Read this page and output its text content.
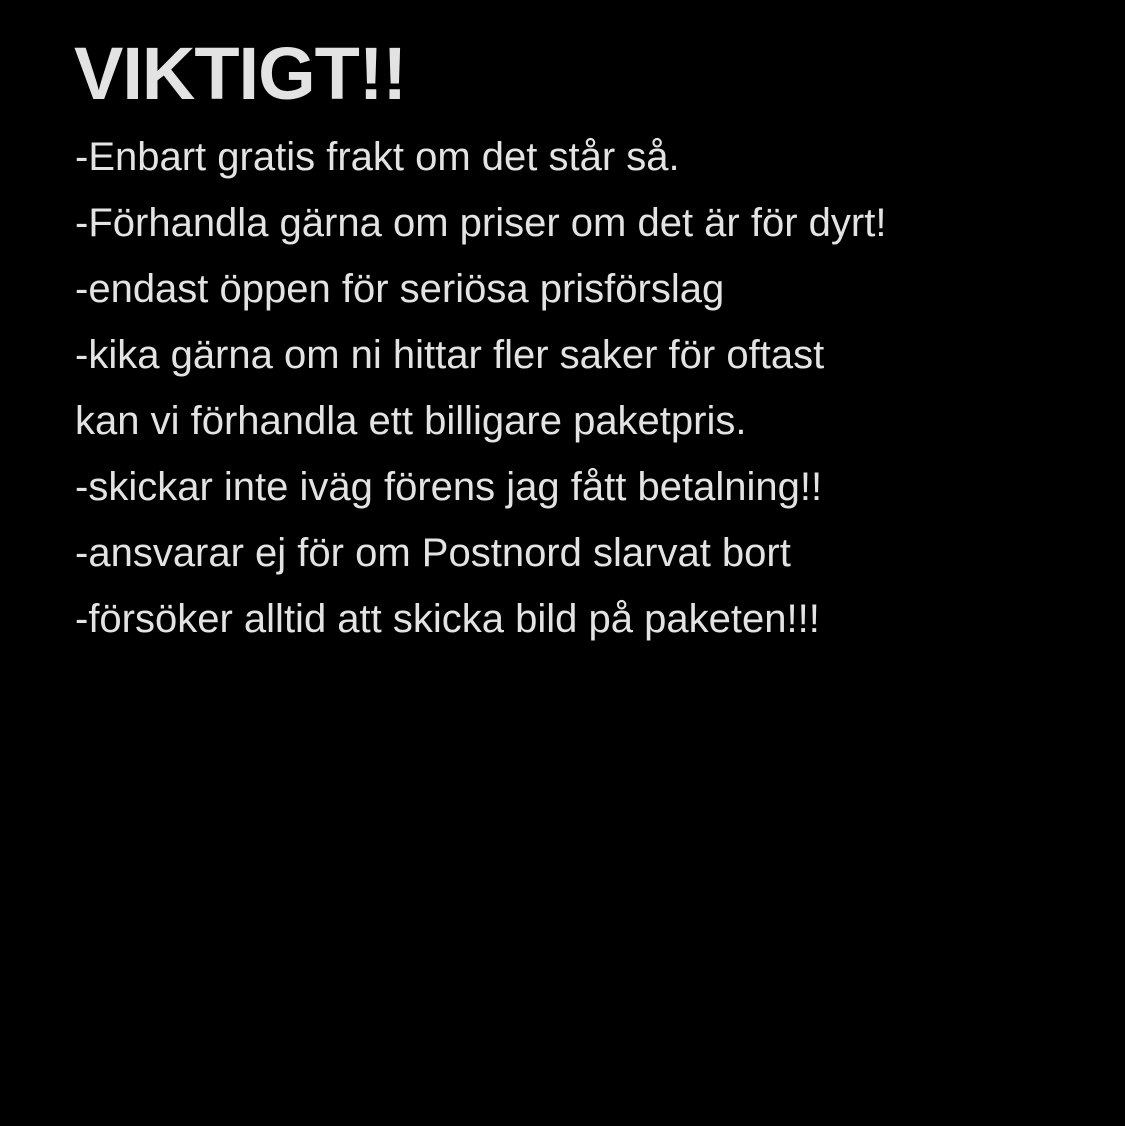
VIKTIGT!!
-Enbart gratis frakt om det står så.
-Förhandla gärna om priser om det är för dyrt!
-endast öppen för seriösa prisförslag
-kika gärna om ni hittar fler saker för oftast
kan vi förhandla ett billigare paketpris.
-skickar inte iväg förens jag fått betalning!!
-ansvarar ej för om Postnord slarvat bort
-försöker alltid att skicka bild på paketen!!!
